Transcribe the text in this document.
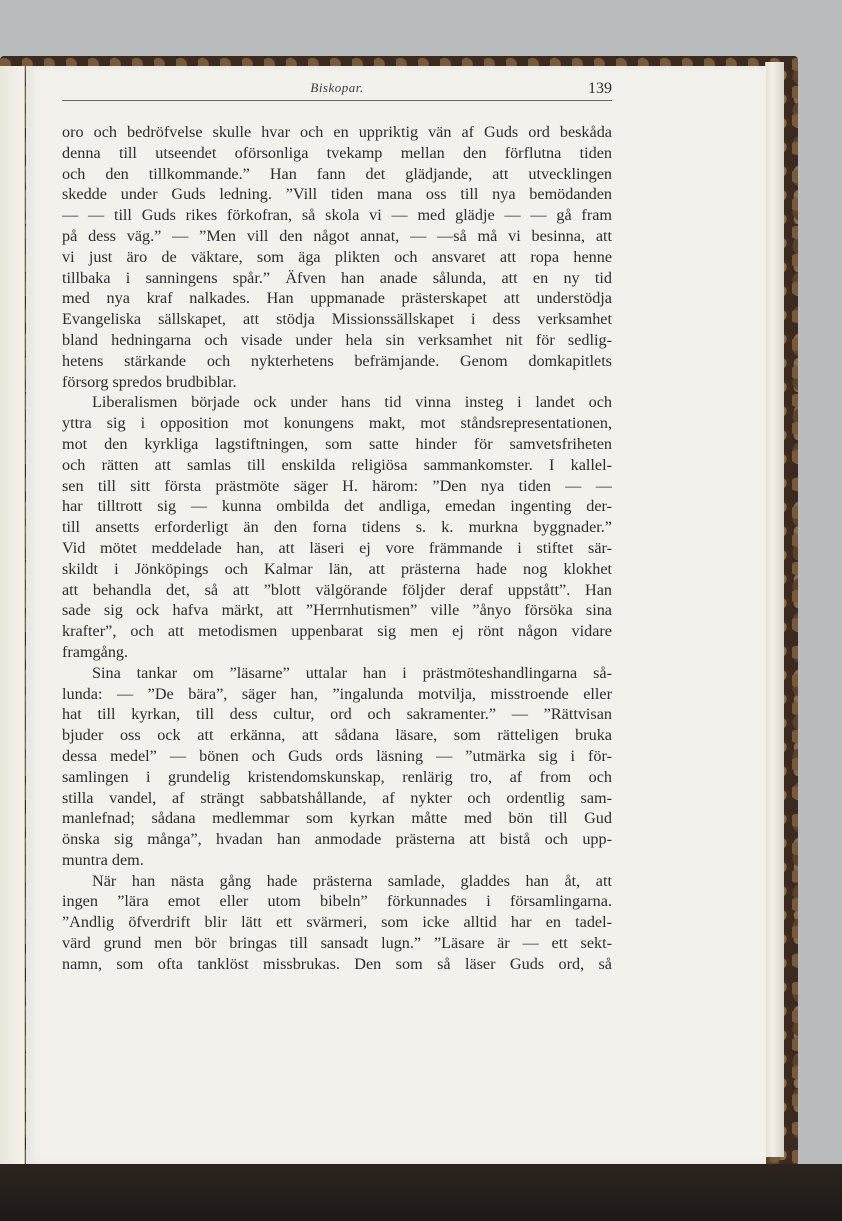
Biskopar.	139
oro och bedröfvelse skulle hvar och en uppriktig vän af Guds ord beskåda
denna till utseendet oförsonliga tvekamp mellan den förflutna tiden
och den tillkommande.” Han fann det glädjande, att utvecklingen
skedde under Guds ledning. ”Vill tiden mana oss till nya bemödanden
— — till Guds rikes förkofran, så skola vi — med glädje — — gå fram
på dess väg.” — ”Men vill den något annat, — —så må vi besinna, att
vi just äro de väktare, som äga plikten och ansvaret att ropa henne
tillbaka i sanningens spår.” Äfven han anade sålunda, att en ny tid
med nya kraf nalkades. Han uppmanade prästerskapet att understödja
Evangeliska sällskapet, att stödja Missionssällskapet i dess verksamhet
bland hedningarna och visade under hela sin verksamhet nit för sedlig-
hetens stärkande och nykterhetens befrämjande. Genom domkapitlets
försorg spredos brudbiblar.
Liberalismen började ock under hans tid vinna insteg i landet och
yttra sig i opposition mot konungens makt, mot ståndsrepresentationen,
mot den kyrkliga lagstiftningen, som satte hinder för samvetsfriheten
och rätten att samlas till enskilda religiösa sammankomster. I kallel-
sen till sitt första prästmöte säger H. härom: ”Den nya tiden — —
har tilltrott sig — kunna ombilda det andliga, emedan ingenting der-
till ansetts erforderligt än den forna tidens s. k. murkna byggnader.”
Vid mötet meddelade han, att läseri ej vore främmande i stiftet sär-
skildt i Jönköpings och Kalmar län, att prästerna hade nog klokhet
att behandla det, så att ”blott välgörande följder deraf uppstått”. Han
sade sig ock hafva märkt, att ”Herrnhutismen” ville ”ånyo försöka sina
krafter”, och att metodismen uppenbarat sig men ej rönt någon vidare
framgång.
Sina tankar om ”läsarne” uttalar han i prästmöteshandlingarna så-
lunda: — ”De bära”, säger han, ”ingalunda motvilja, misstroende eller
hat till kyrkan, till dess cultur, ord och sakramenter.” — ”Rättvisan
bjuder oss ock att erkänna, att sådana läsare, som rätteligen bruka
dessa medel” — bönen och Guds ords läsning — ”utmärka sig i för-
samlingen i grundelig kristendomskunskap, renlärig tro, af from och
stilla vandel, af strängt sabbatshållande, af nykter och ordentlig sam-
manlefnad; sådana medlemmar som kyrkan måtte med bön till Gud
önska sig många”, hvadan han anmodade prästerna att bistå och upp-
muntra dem.
När han nästa gång hade prästerna samlade, gladdes han åt, att
ingen ”lära emot eller utom bibeln” förkunnades i församlingarna.
”Andlig öfverdrift blir lätt ett svärmeri, som icke alltid har en tadel-
värd grund men bör bringas till sansadt lugn.” ”Läsare är — ett sekt-
namn, som ofta tanklöst missbrukas. Den som så läser Guds ord, så
